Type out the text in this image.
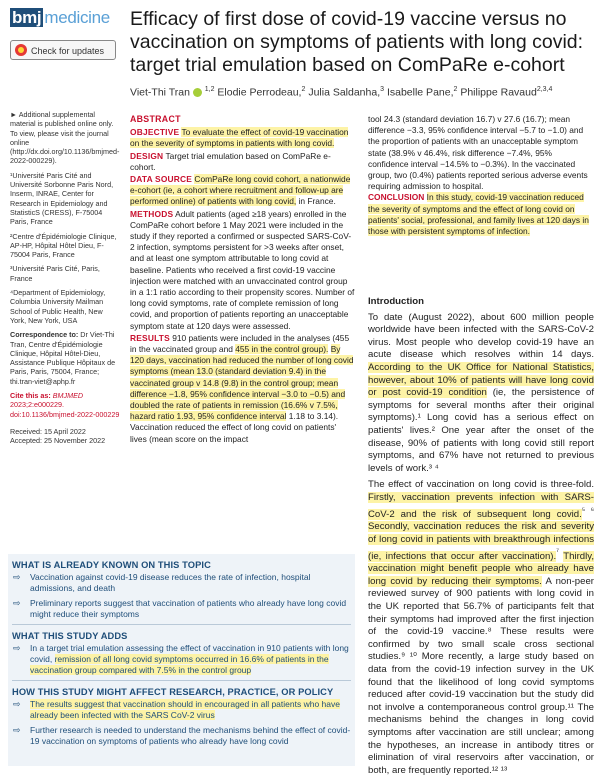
bmj medicine
Check for updates
Efficacy of first dose of covid-19 vaccine versus no vaccination on symptoms of patients with long covid: target trial emulation based on ComPaRe e-cohort
Viet-Thi Tran $^{1,2}$ Elodie Perrodeau,$^2$ Julia Saldanha,$^3$ Isabelle Pane,$^2$ Philippe Ravaud$^{2,3,4}$

► Additional supplemental material is published online only. To view, please visit the journal online (http://dx.doi.org/10.1136/bmjmed-2022-000229).

¹Université Paris Cité and Université Sorbonne Paris Nord, Inserm, INRAE, Center for Research in Epidemiology and StatisticS (CRESS), F-75004 Paris, France

²Centre d'Épidémiologie Clinique, AP-HP, Hôpital Hôtel Dieu, F-75004 Paris, France

³Université Paris Cité, Paris, France

⁴Department of Epidemiology, Columbia University Mailman School of Public Health, New York, New York, USA

Correspondence to: Dr Viet-Thi Tran, Centre d'Épidémiologie Clinique, Hôpital Hôtel-Dieu, Assistance Publique Hôpitaux de Paris, Paris, 75004, France; thi.tran-viet@aphp.fr

Cite this as: BMJMED 2023;2:e000229. doi:10.1136/bmjmed-2022-000229

Received: 15 April 2022

Accepted: 25 November 2022

ABSTRACT

OBJECTIVE To evaluate the effect of covid-19 vaccination on the severity of symptoms in patients with long covid.

DESIGN Target trial emulation based on ComPaRe e-cohort.

DATA SOURCE ComPaRe long covid cohort, a nationwide e-cohort (ie, a cohort where recruitment and follow-up are performed online) of patients with long covid, in France.

METHODS Adult patients (aged ≥18 years) enrolled in the ComPaRe cohort before 1 May 2021 were included in the study if they reported a confirmed or suspected SARS-CoV-2 infection, symptoms persistent for >3 weeks after onset, and at least one symptom attributable to long covid at baseline. Patients who received a first covid-19 vaccine injection were matched with an unvaccinated control group in a 1:1 ratio according to their propensity scores. Number of long covid symptoms, rate of complete remission of long covid, and proportion of patients reporting an unacceptable symptom state at 120 days were assessed.

RESULTS 910 patients were included in the analyses (455 in the vaccinated group and 455 in the control group). By 120 days, vaccination had reduced the number of long covid symptoms (mean 13.0 (standard deviation 9.4) in the vaccinated group v 14.8 (9.8) in the control group; mean difference −1.8, 95% confidence interval −3.0 to −0.5) and doubled the rate of patients in remission (16.6% v 7.5%, hazard ratio 1.93, 95% confidence interval 1.18 to 3.14). Vaccination reduced the effect of long covid on patients' lives (mean score on the impact

tool 24.3 (standard deviation 16.7) v 27.6 (16.7); mean difference −3.3, 95% confidence interval −5.7 to −1.0) and the proportion of patients with an unacceptable symptom state (38.9% v 46.4%, risk difference −7.4%, 95% confidence interval −14.5% to −0.3%). In the vaccinated group, two (0.4%) patients reported serious adverse events requiring admission to hospital.

CONCLUSION In this study, covid-19 vaccination reduced the severity of symptoms and the effect of long covid on patients' social, professional, and family lives at 120 days in those with persistent symptoms of infection.

Introduction

To date (August 2022), about 600 million people worldwide have been infected with the SARS-CoV-2 virus. Most people who develop covid-19 have an acute disease which resolves within 14 days. According to the UK Office for National Statistics, however, about 10% of patients will have long covid or post covid-19 condition (ie, the persistence of symptoms for several months after their original symptoms).¹ Long covid has a serious effect on patients' lives.² One year after the onset of the disease, 90% of patients with long covid still report symptoms, and 67% have not returned to previous levels of work.³ ⁴

The effect of vaccination on long covid is three-fold. Firstly, vaccination prevents infection with SARS-CoV-2 and the risk of subsequent long covid.$^{^5 ^6}$ Secondly, vaccination reduces the risk and severity of long covid in patients with breakthrough infections (ie, infections that occur after vaccination).$^{^7}$ Thirdly, vaccination might benefit people who already have long covid by reducing their symptoms. A non-peer reviewed survey of 900 patients with long covid in the UK reported that 56.7% of participants felt that their symptoms had improved after the first injection of the covid-19 vaccine.⁸ These results were confirmed by two small scale cross sectional studies.⁹ ¹⁰ More recently, a large study based on data from the covid-19 infection survey in the UK found that the likelihood of long covid symptoms reduced after covid-19 vaccination but the study did not involve a contemporaneous control group.¹¹ The mechanisms behind the changes in long covid symptoms after vaccination are still unclear; among the hypotheses, an increase in antibody titres or elimination of viral reservoirs after vaccination, or both, are frequently reported.¹² ¹³

WHAT IS ALREADY KNOWN ON THIS TOPIC
⇨ Vaccination against covid-19 disease reduces the rate of infection, hospital admissions, and death
⇨ Preliminary reports suggest that vaccination of patients who already have long covid might reduce their symptoms
WHAT THIS STUDY ADDS
⇨ In a target trial emulation assessing the effect of vaccination in 910 patients with long covid, remission of all long covid symptoms occurred in 16.6% of patients in the vaccination group compared with 7.5% in the control group
HOW THIS STUDY MIGHT AFFECT RESEARCH, PRACTICE, OR POLICY
⇨ The results suggest that vaccination should in encouraged in all patients who have already been infected with the SARS CoV-2 virus
⇨ Further research is needed to understand the mechanisms behind the effect of covid-19 vaccination on symptoms of patients who already have long covid
